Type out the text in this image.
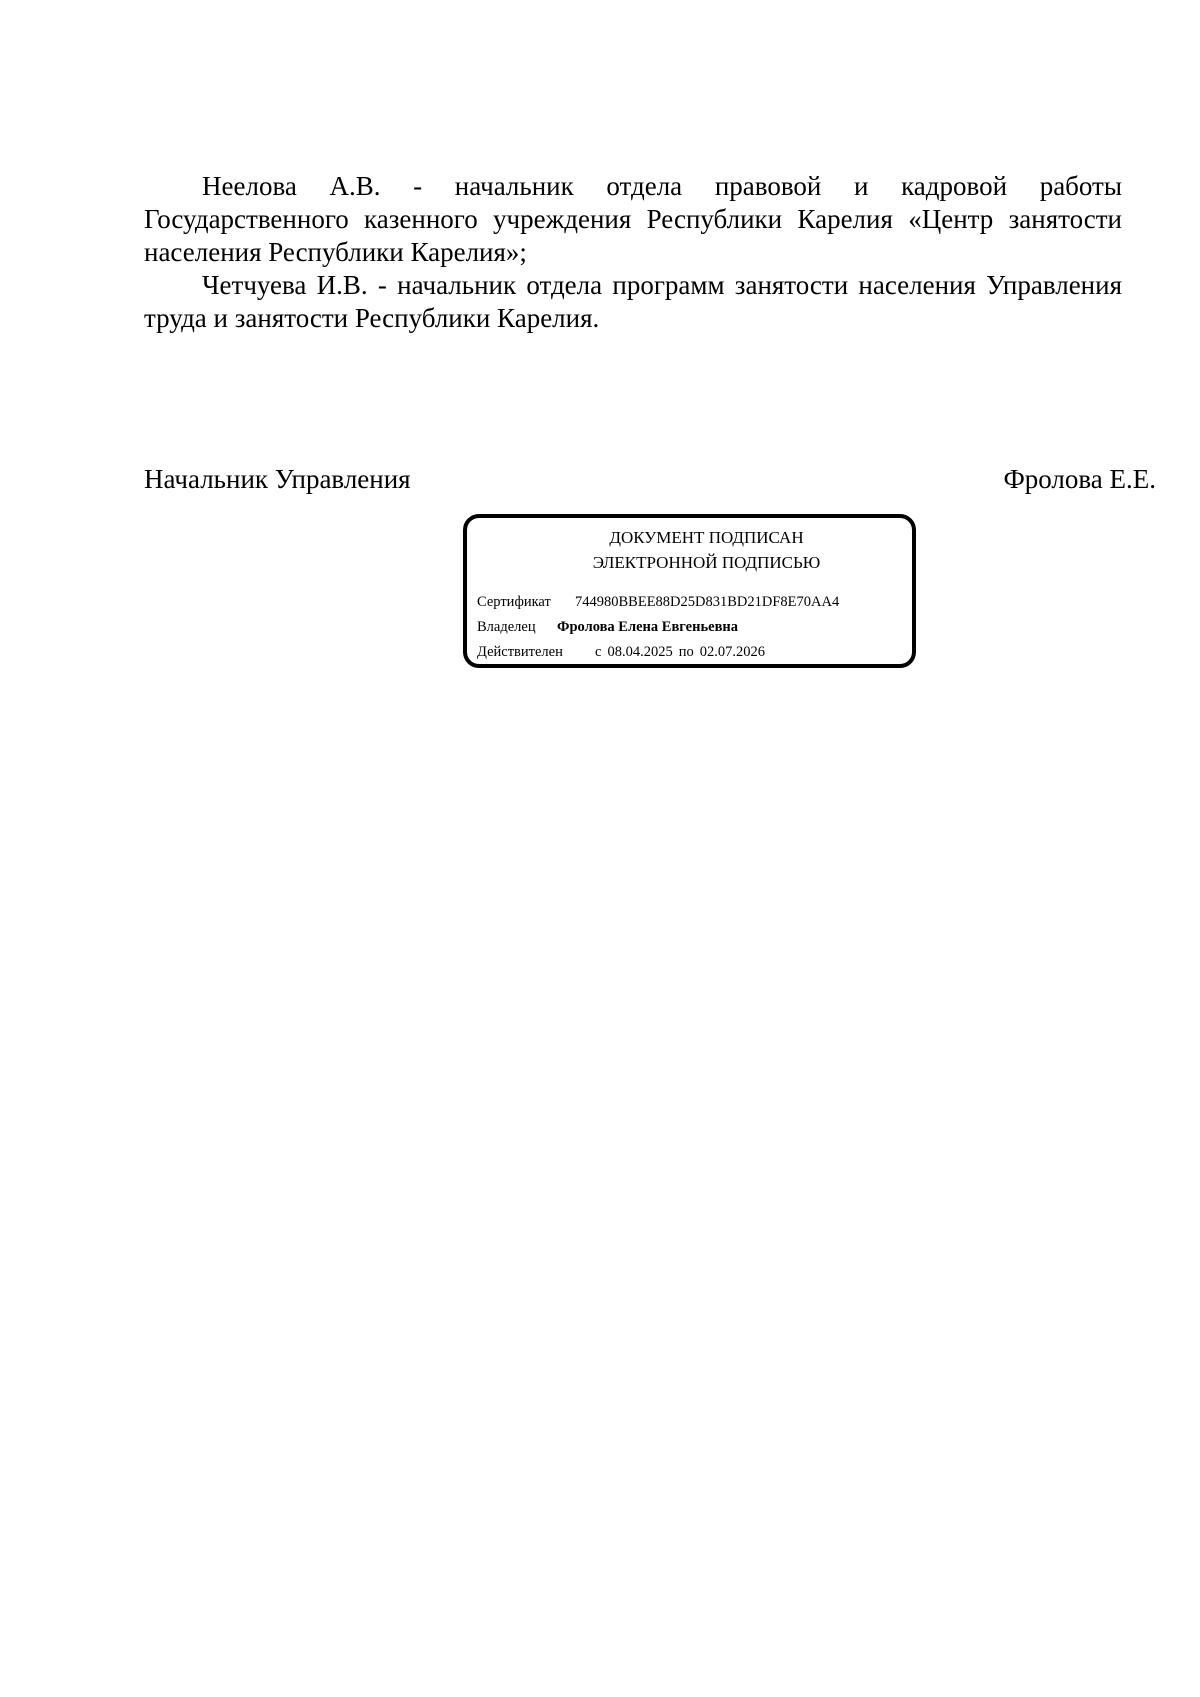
Неелова А.В. - начальник отдела правовой и кадровой работы Государственного казенного учреждения Республики Карелия «Центр занятости населения Республики Карелия»;

Четчуева И.В. - начальник отдела программ занятости населения Управления труда и занятости Республики Карелия.

Начальник Управления	Фролова Е.Е.
ДОКУМЕНТ ПОДПИСАН
ЭЛЕКТРОННОЙ ПОДПИСЬЮ
Сертификат 744980BBEE88D25D831BD21DF8E70AA4
Владелец Фролова Елена Евгеньевна
Действителен с 08.04.2025 по 02.07.2026
